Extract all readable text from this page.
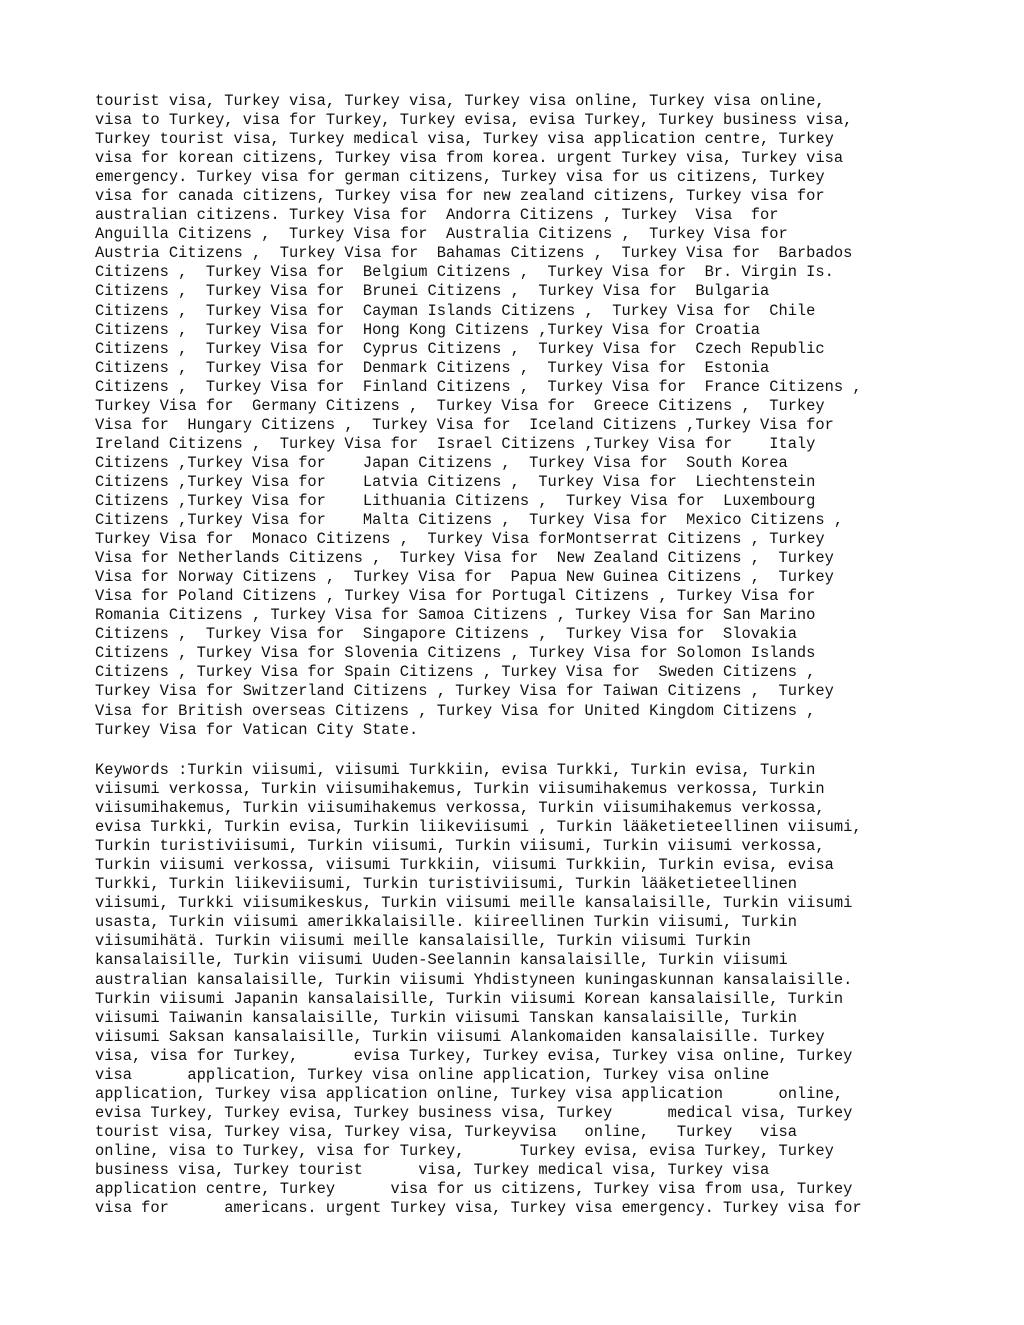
tourist visa, Turkey visa, Turkey visa, Turkey visa online, Turkey visa online,
visa to Turkey, visa for Turkey, Turkey evisa, evisa Turkey, Turkey business visa,
Turkey tourist visa, Turkey medical visa, Turkey visa application centre, Turkey
visa for korean citizens, Turkey visa from korea. urgent Turkey visa, Turkey visa
emergency. Turkey visa for german citizens, Turkey visa for us citizens, Turkey
visa for canada citizens, Turkey visa for new zealand citizens, Turkey visa for
australian citizens. Turkey Visa for  Andorra Citizens , Turkey  Visa  for
Anguilla Citizens ,  Turkey Visa for  Australia Citizens ,  Turkey Visa for
Austria Citizens ,  Turkey Visa for  Bahamas Citizens ,  Turkey Visa for  Barbados
Citizens ,  Turkey Visa for  Belgium Citizens ,  Turkey Visa for  Br. Virgin Is.
Citizens ,  Turkey Visa for  Brunei Citizens ,  Turkey Visa for  Bulgaria
Citizens ,  Turkey Visa for  Cayman Islands Citizens ,  Turkey Visa for  Chile
Citizens ,  Turkey Visa for  Hong Kong Citizens ,Turkey Visa for Croatia
Citizens ,  Turkey Visa for  Cyprus Citizens ,  Turkey Visa for  Czech Republic
Citizens ,  Turkey Visa for  Denmark Citizens ,  Turkey Visa for  Estonia
Citizens ,  Turkey Visa for  Finland Citizens ,  Turkey Visa for  France Citizens ,
Turkey Visa for  Germany Citizens ,  Turkey Visa for  Greece Citizens ,  Turkey
Visa for  Hungary Citizens ,  Turkey Visa for  Iceland Citizens ,Turkey Visa for
Ireland Citizens ,  Turkey Visa for  Israel Citizens ,Turkey Visa for    Italy
Citizens ,Turkey Visa for    Japan Citizens ,  Turkey Visa for  South Korea
Citizens ,Turkey Visa for    Latvia Citizens ,  Turkey Visa for  Liechtenstein
Citizens ,Turkey Visa for    Lithuania Citizens ,  Turkey Visa for  Luxembourg
Citizens ,Turkey Visa for    Malta Citizens ,  Turkey Visa for  Mexico Citizens ,
Turkey Visa for  Monaco Citizens ,  Turkey Visa forMontserrat Citizens , Turkey
Visa for Netherlands Citizens ,  Turkey Visa for  New Zealand Citizens ,  Turkey
Visa for Norway Citizens ,  Turkey Visa for  Papua New Guinea Citizens ,  Turkey
Visa for Poland Citizens , Turkey Visa for Portugal Citizens , Turkey Visa for
Romania Citizens , Turkey Visa for Samoa Citizens , Turkey Visa for San Marino
Citizens ,  Turkey Visa for  Singapore Citizens ,  Turkey Visa for  Slovakia
Citizens , Turkey Visa for Slovenia Citizens , Turkey Visa for Solomon Islands
Citizens , Turkey Visa for Spain Citizens , Turkey Visa for  Sweden Citizens ,
Turkey Visa for Switzerland Citizens , Turkey Visa for Taiwan Citizens ,  Turkey
Visa for British overseas Citizens , Turkey Visa for United Kingdom Citizens ,
Turkey Visa for Vatican City State.
Keywords :Turkin viisumi, viisumi Turkkiin, evisa Turkki, Turkin evisa, Turkin
viisumi verkossa, Turkin viisumihakemus, Turkin viisumihakemus verkossa, Turkin
viisumihakemus, Turkin viisumihakemus verkossa, Turkin viisumihakemus verkossa,
evisa Turkki, Turkin evisa, Turkin liikeviisumi , Turkin lääketieteellinen viisumi,
Turkin turistiviisumi, Turkin viisumi, Turkin viisumi, Turkin viisumi verkossa,
Turkin viisumi verkossa, viisumi Turkkiin, viisumi Turkkiin, Turkin evisa, evisa
Turkki, Turkin liikeviisumi, Turkin turistiviisumi, Turkin lääketieteellinen
viisumi, Turkki viisumikeskus, Turkin viisumi meille kansalaisille, Turkin viisumi
usasta, Turkin viisumi amerikkalaisille. kiireellinen Turkin viisumi, Turkin
viisumihätä. Turkin viisumi meille kansalaisille, Turkin viisumi Turkin
kansalaisille, Turkin viisumi Uuden-Seelannin kansalaisille, Turkin viisumi
australian kansalaisille, Turkin viisumi Yhdistyneen kuningaskunnan kansalaisille.
Turkin viisumi Japanin kansalaisille, Turkin viisumi Korean kansalaisille, Turkin
viisumi Taiwanin kansalaisille, Turkin viisumi Tanskan kansalaisille, Turkin
viisumi Saksan kansalaisille, Turkin viisumi Alankomaiden kansalaisille. Turkey
visa, visa for Turkey,      evisa Turkey, Turkey evisa, Turkey visa online, Turkey
visa      application, Turkey visa online application, Turkey visa online
application, Turkey visa application online, Turkey visa application      online,
evisa Turkey, Turkey evisa, Turkey business visa, Turkey      medical visa, Turkey
tourist visa, Turkey visa, Turkey visa, Turkeyvisa   online,   Turkey   visa
online, visa to Turkey, visa for Turkey,      Turkey evisa, evisa Turkey, Turkey
business visa, Turkey tourist      visa, Turkey medical visa, Turkey visa
application centre, Turkey      visa for us citizens, Turkey visa from usa, Turkey
visa for      americans. urgent Turkey visa, Turkey visa emergency. Turkey visa for
